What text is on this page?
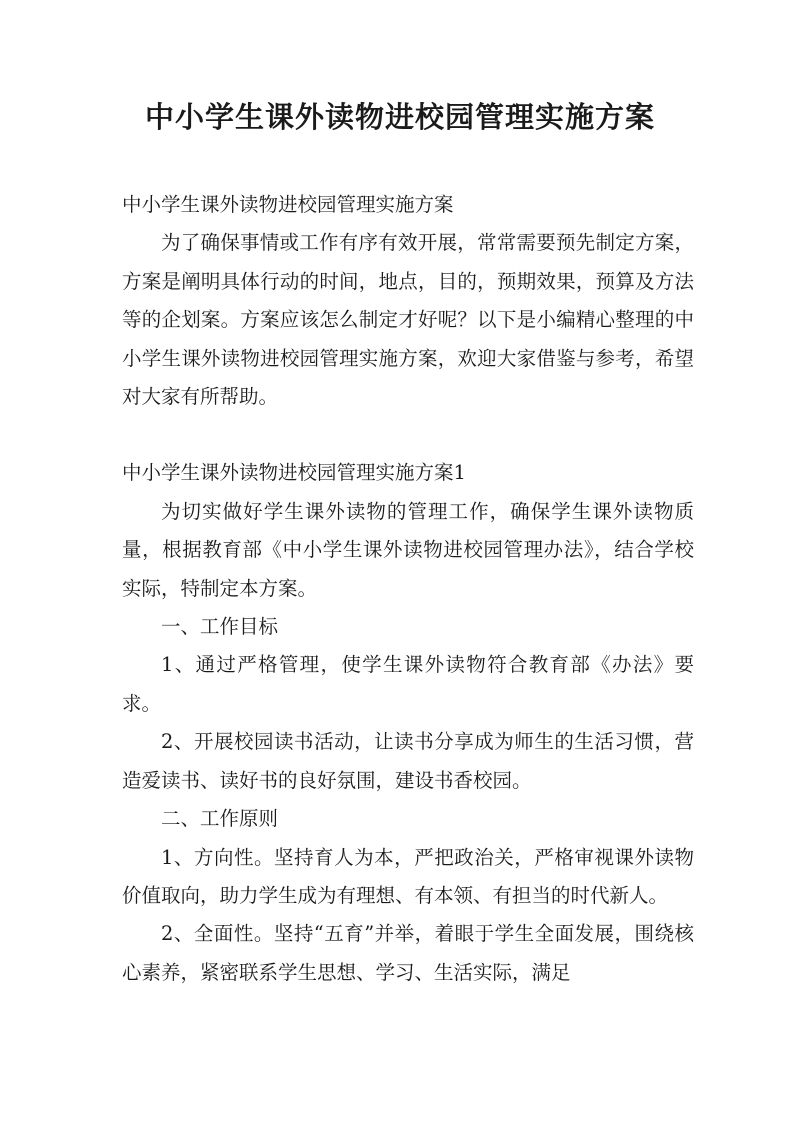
中小学生课外读物进校园管理实施方案

中小学生课外读物进校园管理实施方案

为了确保事情或工作有序有效开展，常常需要预先制定方案，方案是阐明具体行动的时间，地点，目的，预期效果，预算及方法等的企划案。方案应该怎么制定才好呢？以下是小编精心整理的中小学生课外读物进校园管理实施方案，欢迎大家借鉴与参考，希望对大家有所帮助。

中小学生课外读物进校园管理实施方案1

为切实做好学生课外读物的管理工作，确保学生课外读物质量，根据教育部《中小学生课外读物进校园管理办法》，结合学校实际，特制定本方案。

一、工作目标

1、通过严格管理，使学生课外读物符合教育部《办法》要求。

2、开展校园读书活动，让读书分享成为师生的生活习惯，营造爱读书、读好书的良好氛围，建设书香校园。

二、工作原则

1、方向性。坚持育人为本，严把政治关，严格审视课外读物价值取向，助力学生成为有理想、有本领、有担当的时代新人。

2、全面性。坚持“五育”并举，着眼于学生全面发展，围绕核心素养，紧密联系学生思想、学习、生活实际，满足
